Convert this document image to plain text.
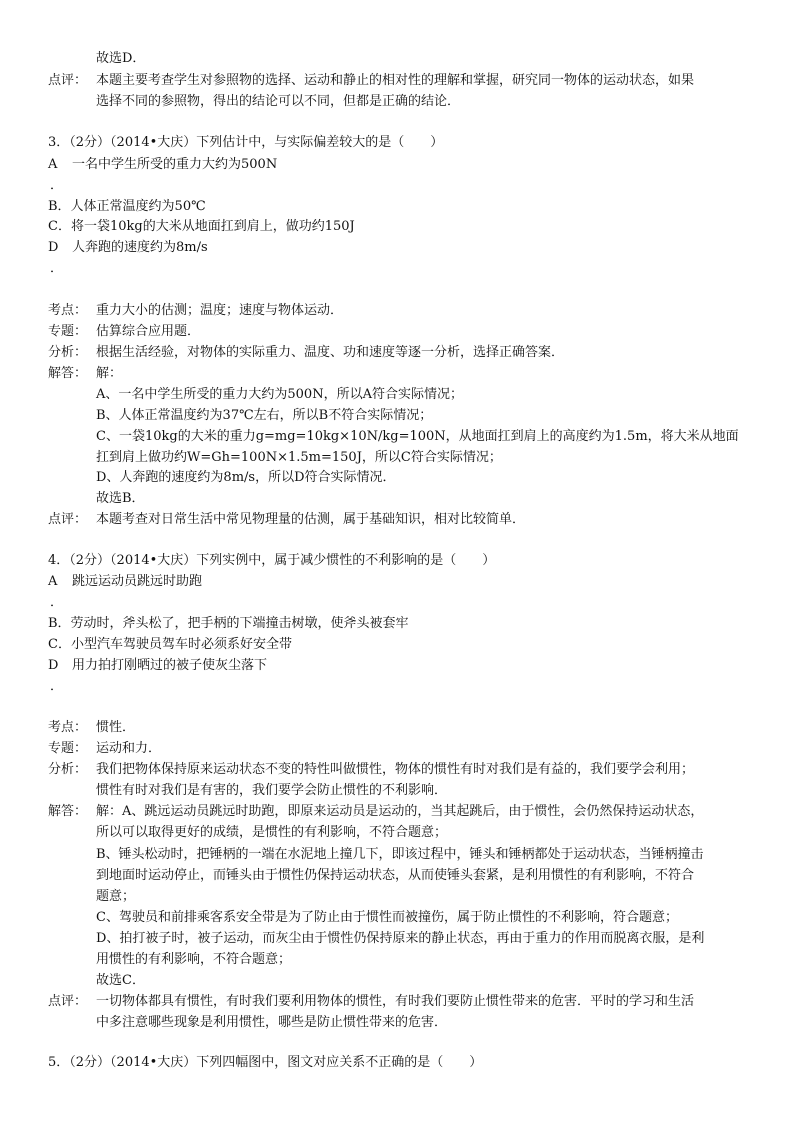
故选D．
点评： 本题主要考查学生对参照物的选择、运动和静止的相对性的理解和掌握，研究同一物体的运动状态，如果
选择不同的参照物，得出的结论可以不同，但都是正确的结论．
3．（2分）（2014•大庆）下列估计中，与实际偏差较大的是（　　）
A 一名中学生所受的重力大约为500N
．
B．人体正常温度约为50℃
C．将一袋10kg的大米从地面扛到肩上，做功约150J
D 人奔跑的速度约为8m/s
．
考点： 重力大小的估测；温度；速度与物体运动．
专题： 估算综合应用题．
分析： 根据生活经验，对物体的实际重力、温度、功和速度等逐一分析，选择正确答案．
解答： 解：
A、一名中学生所受的重力大约为500N，所以A符合实际情况；
B、人体正常温度约为37℃左右，所以B不符合实际情况；
C、一袋10kg的大米的重力g=mg=10kg×10N/kg=100N，从地面扛到肩上的高度约为1.5m，将大米从地面
扛到肩上做功约W=Gh=100N×1.5m=150J，所以C符合实际情况；
D、人奔跑的速度约为8m/s，所以D符合实际情况．
故选B．
点评： 本题考查对日常生活中常见物理量的估测，属于基础知识，相对比较简单．
4．（2分）（2014•大庆）下列实例中，属于减少惯性的不利影响的是（　　）
A 跳远运动员跳远时助跑
．
B．劳动时，斧头松了，把手柄的下端撞击树墩，使斧头被套牢
C．小型汽车驾驶员驾车时必须系好安全带
D 用力拍打刚晒过的被子使灰尘落下
．
考点： 惯性．
专题： 运动和力．
分析： 我们把物体保持原来运动状态不变的特性叫做惯性，物体的惯性有时对我们是有益的，我们要学会利用；
惯性有时对我们是有害的，我们要学会防止惯性的不利影响．
解答： 解：A、跳远运动员跳远时助跑，即原来运动员是运动的，当其起跳后，由于惯性，会仍然保持运动状态，
所以可以取得更好的成绩，是惯性的有利影响，不符合题意；
B、锤头松动时，把锤柄的一端在水泥地上撞几下，即该过程中，锤头和锤柄都处于运动状态，当锤柄撞击
到地面时运动停止，而锤头由于惯性仍保持运动状态，从而使锤头套紧，是利用惯性的有利影响，不符合
题意；
C、驾驶员和前排乘客系安全带是为了防止由于惯性而被撞伤，属于防止惯性的不利影响，符合题意；
D、拍打被子时，被子运动，而灰尘由于惯性仍保持原来的静止状态，再由于重力的作用而脱离衣服，是利
用惯性的有利影响，不符合题意；
故选C．
点评： 一切物体都具有惯性，有时我们要利用物体的惯性，有时我们要防止惯性带来的危害．平时的学习和生活
中多注意哪些现象是利用惯性，哪些是防止惯性带来的危害．
5．（2分）（2014•大庆）下列四幅图中，图文对应关系不正确的是（　　）
